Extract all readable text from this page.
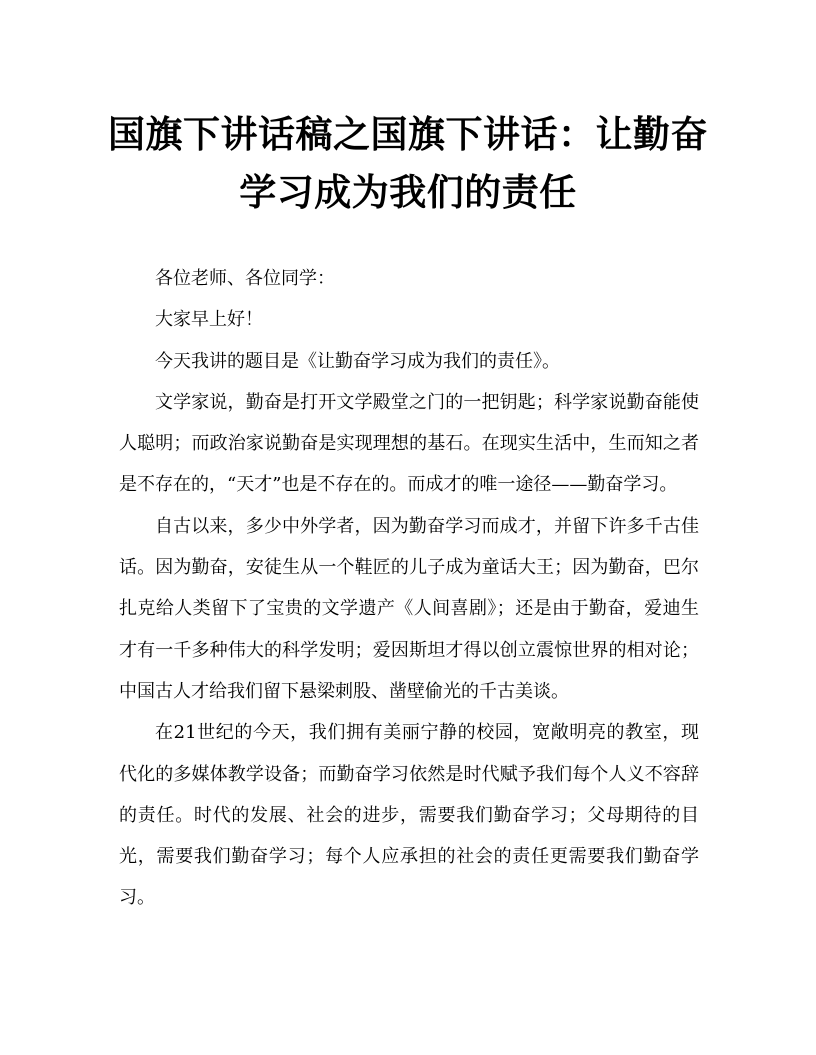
国旗下讲话稿之国旗下讲话：让勤奋学习成为我们的责任

各位老师、各位同学：

大家早上好！

今天我讲的题目是《让勤奋学习成为我们的责任》。

文学家说，勤奋是打开文学殿堂之门的一把钥匙；科学家说勤奋能使人聪明；而政治家说勤奋是实现理想的基石。在现实生活中，生而知之者是不存在的，“天才”也是不存在的。而成才的唯一途径——勤奋学习。

自古以来，多少中外学者，因为勤奋学习而成才，并留下许多千古佳话。因为勤奋，安徒生从一个鞋匠的儿子成为童话大王；因为勤奋，巴尔扎克给人类留下了宝贵的文学遗产《人间喜剧》；还是由于勤奋，爱迪生才有一千多种伟大的科学发明；爱因斯坦才得以创立震惊世界的相对论；中国古人才给我们留下悬梁刺股、凿壁偷光的千古美谈。

在21世纪的今天，我们拥有美丽宁静的校园，宽敞明亮的教室，现代化的多媒体教学设备；而勤奋学习依然是时代赋予我们每个人义不容辞的责任。时代的发展、社会的进步，需要我们勤奋学习；父母期待的目光，需要我们勤奋学习；每个人应承担的社会的责任更需要我们勤奋学习。
